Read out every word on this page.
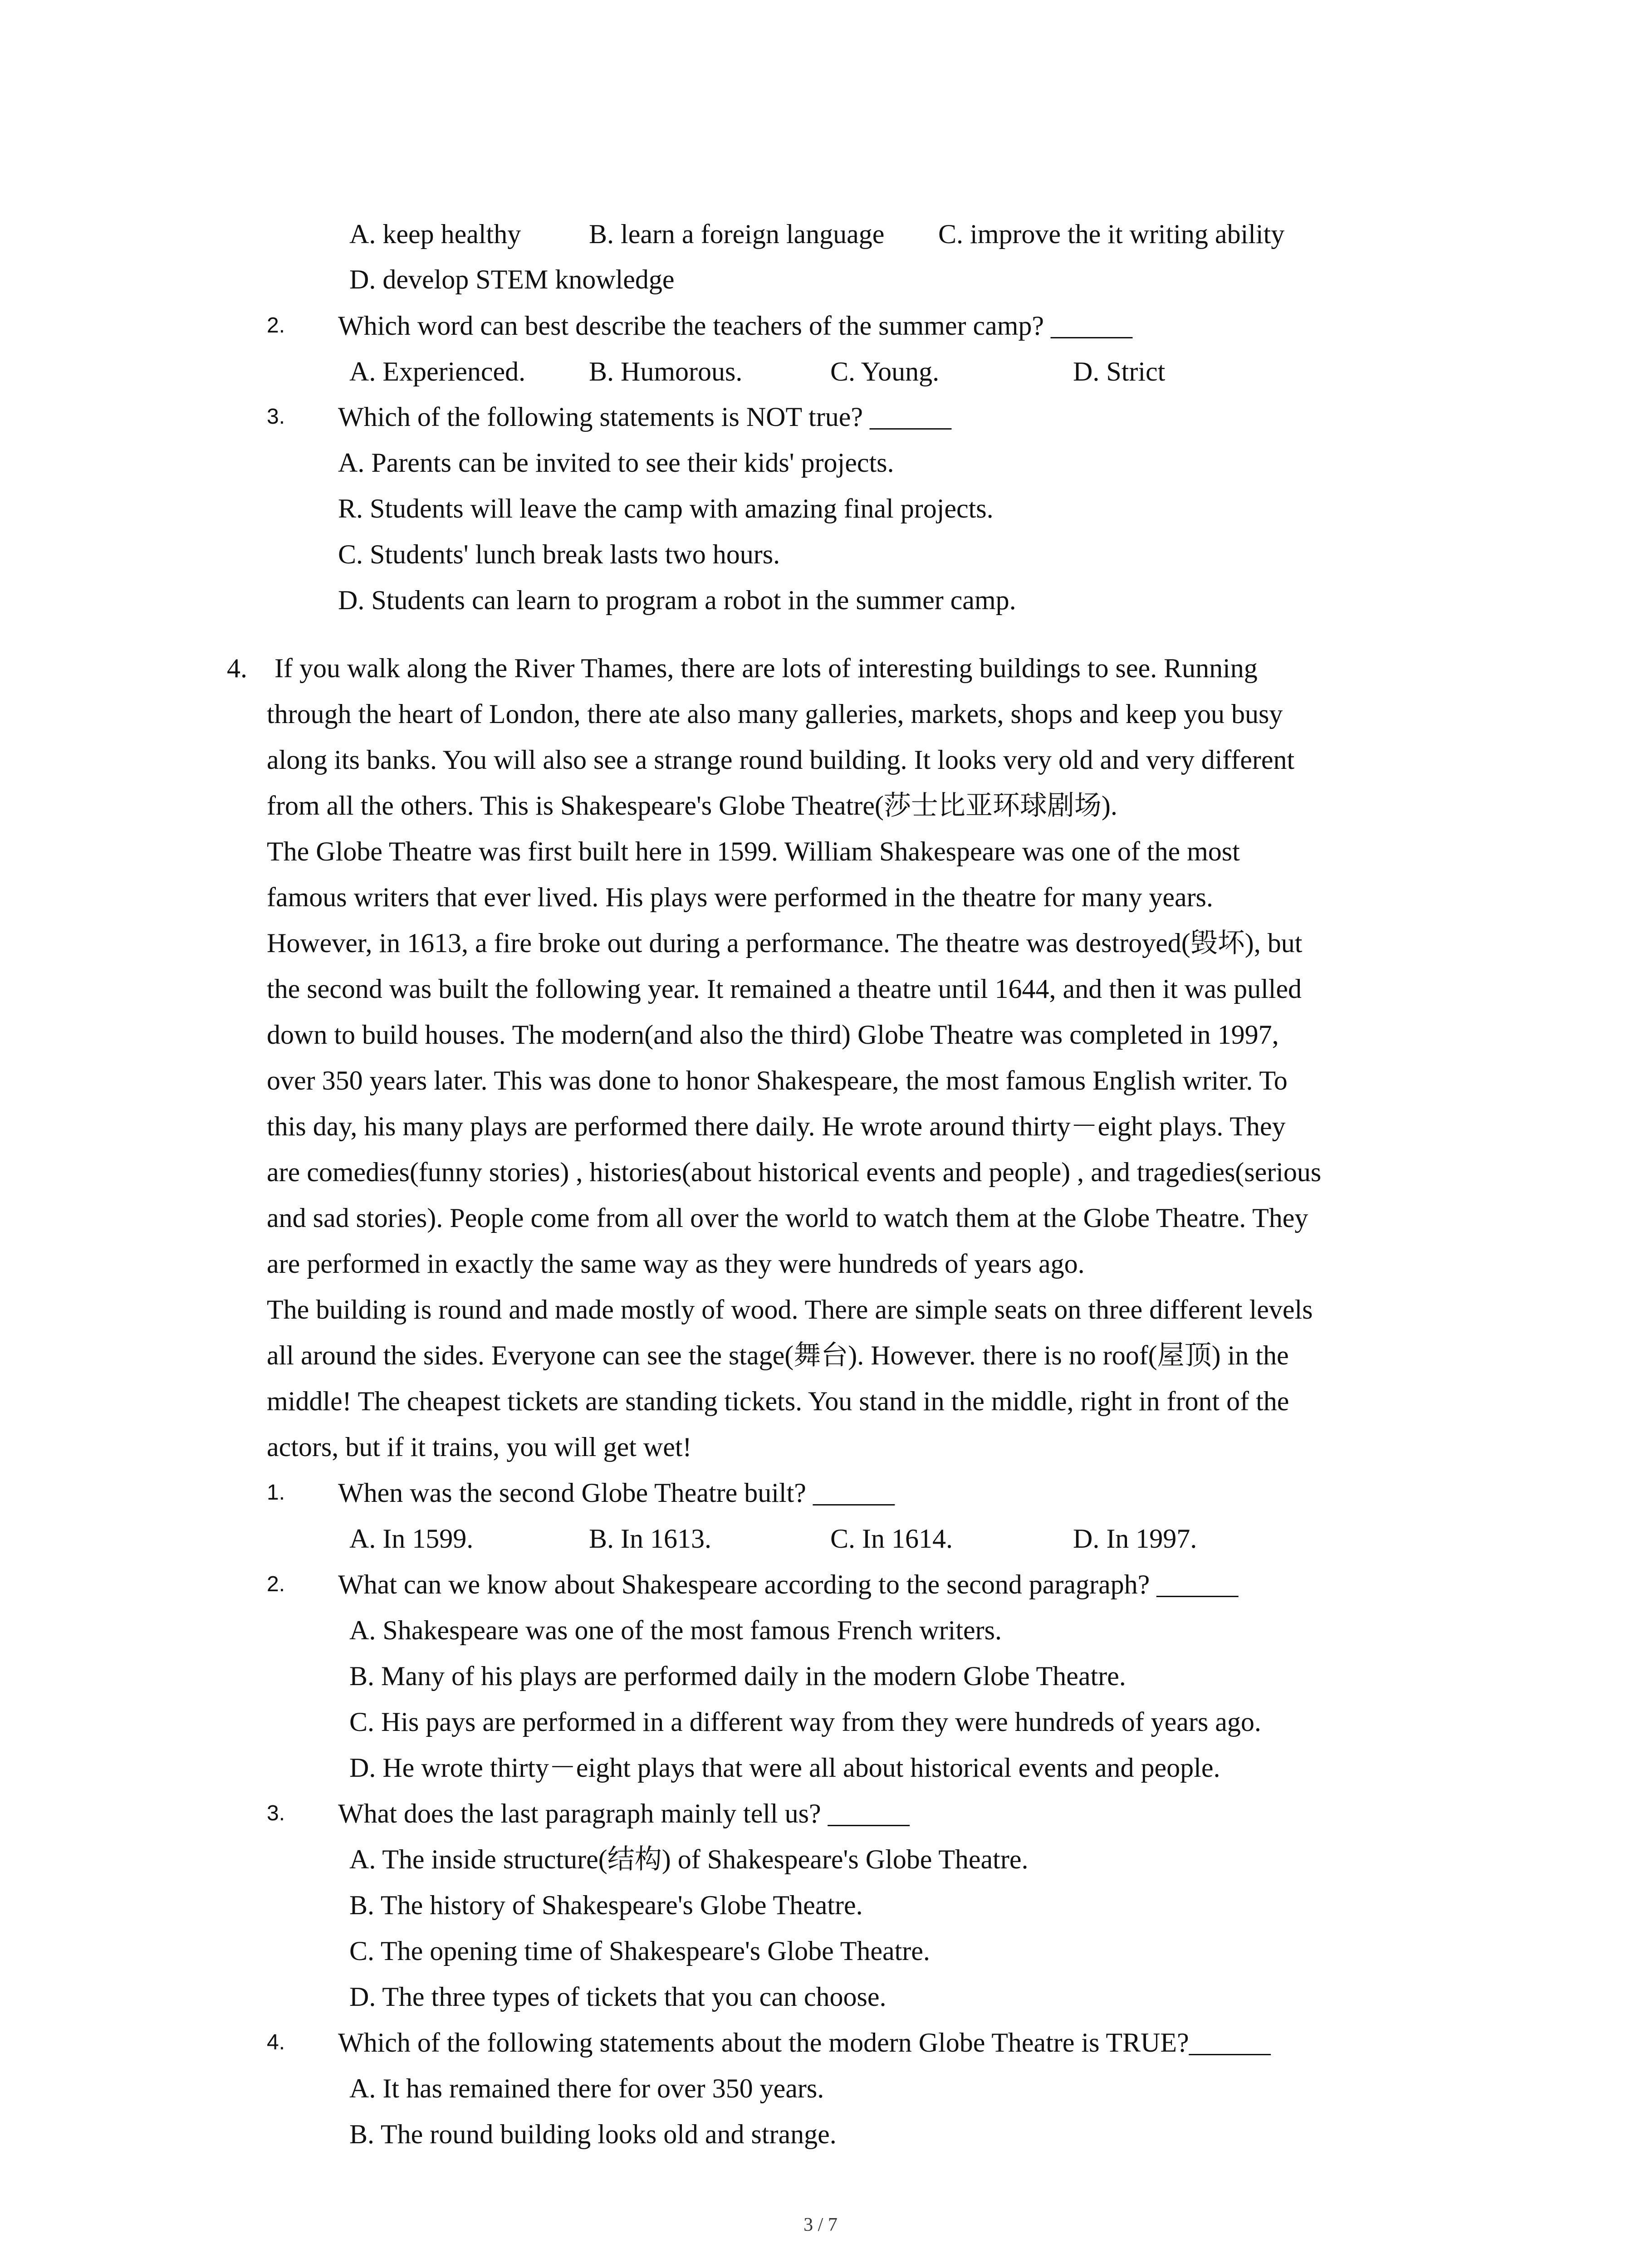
A. keep healthy B. learn a foreign language C. improve the it writing ability
D. develop STEM knowledge
2. Which word can best describe the teachers of the summer camp? ______
A. Experienced. B. Humorous.	C. Young.	D. Strict
3. Which of the following statements is NOT true? ______
A. Parents can be invited to see their kids' projects.
R. Students will leave the camp with amazing final projects.
C. Students' lunch break lasts two hours.
D. Students can learn to program a robot in the summer camp.
4. If you walk along the River Thames, there are lots of interesting buildings to see. Running
through the heart of London, there ate also many galleries, markets, shops and keep you busy
along its banks. You will also see a strange round building. It looks very old and very different
from all the others. This is Shakespeare's Globe Theatre(莎士比亚环球剧场).
The Globe Theatre was first built here in 1599. William Shakespeare was one of the most
famous writers that ever lived. His plays were performed in the theatre for many years.
However, in 1613, a fire broke out during a performance. The theatre was destroyed(毁坏), but
the second was built the following year. It remained a theatre until 1644, and then it was pulled
down to build houses. The modern(and also the third) Globe Theatre was completed in 1997,
over 350 years later. This was done to honor Shakespeare, the most famous English writer. To
this day, his many plays are performed there daily. He wrote around thirty－eight plays. They
are comedies(funny stories) , histories(about historical events and people) , and tragedies(serious
and sad stories). People come from all over the world to watch them at the Globe Theatre. They
are performed in exactly the same way as they were hundreds of years ago.
The building is round and made mostly of wood. There are simple seats on three different levels
all around the sides. Everyone can see the stage(舞台). However. there is no roof(屋顶) in the
middle! The cheapest tickets are standing tickets. You stand in the middle, right in front of the
actors, but if it trains, you will get wet!
1. When was the second Globe Theatre built? ______
A. In 1599.	B. In 1613.	C. In 1614.	D. In 1997.
2. What can we know about Shakespeare according to the second paragraph? ______
A. Shakespeare was one of the most famous French writers.
B. Many of his plays are performed daily in the modern Globe Theatre.
C. His pays are performed in a different way from they were hundreds of years ago.
D. He wrote thirty－eight plays that were all about historical events and people.
3. What does the last paragraph mainly tell us? ______
A. The inside structure(结构) of Shakespeare's Globe Theatre.
B. The history of Shakespeare's Globe Theatre.
C. The opening time of Shakespeare's Globe Theatre.
D. The three types of tickets that you can choose.
4. Which of the following statements about the modern Globe Theatre is TRUE?______
A. It has remained there for over 350 years.
B. The round building looks old and strange.
3 / 7
